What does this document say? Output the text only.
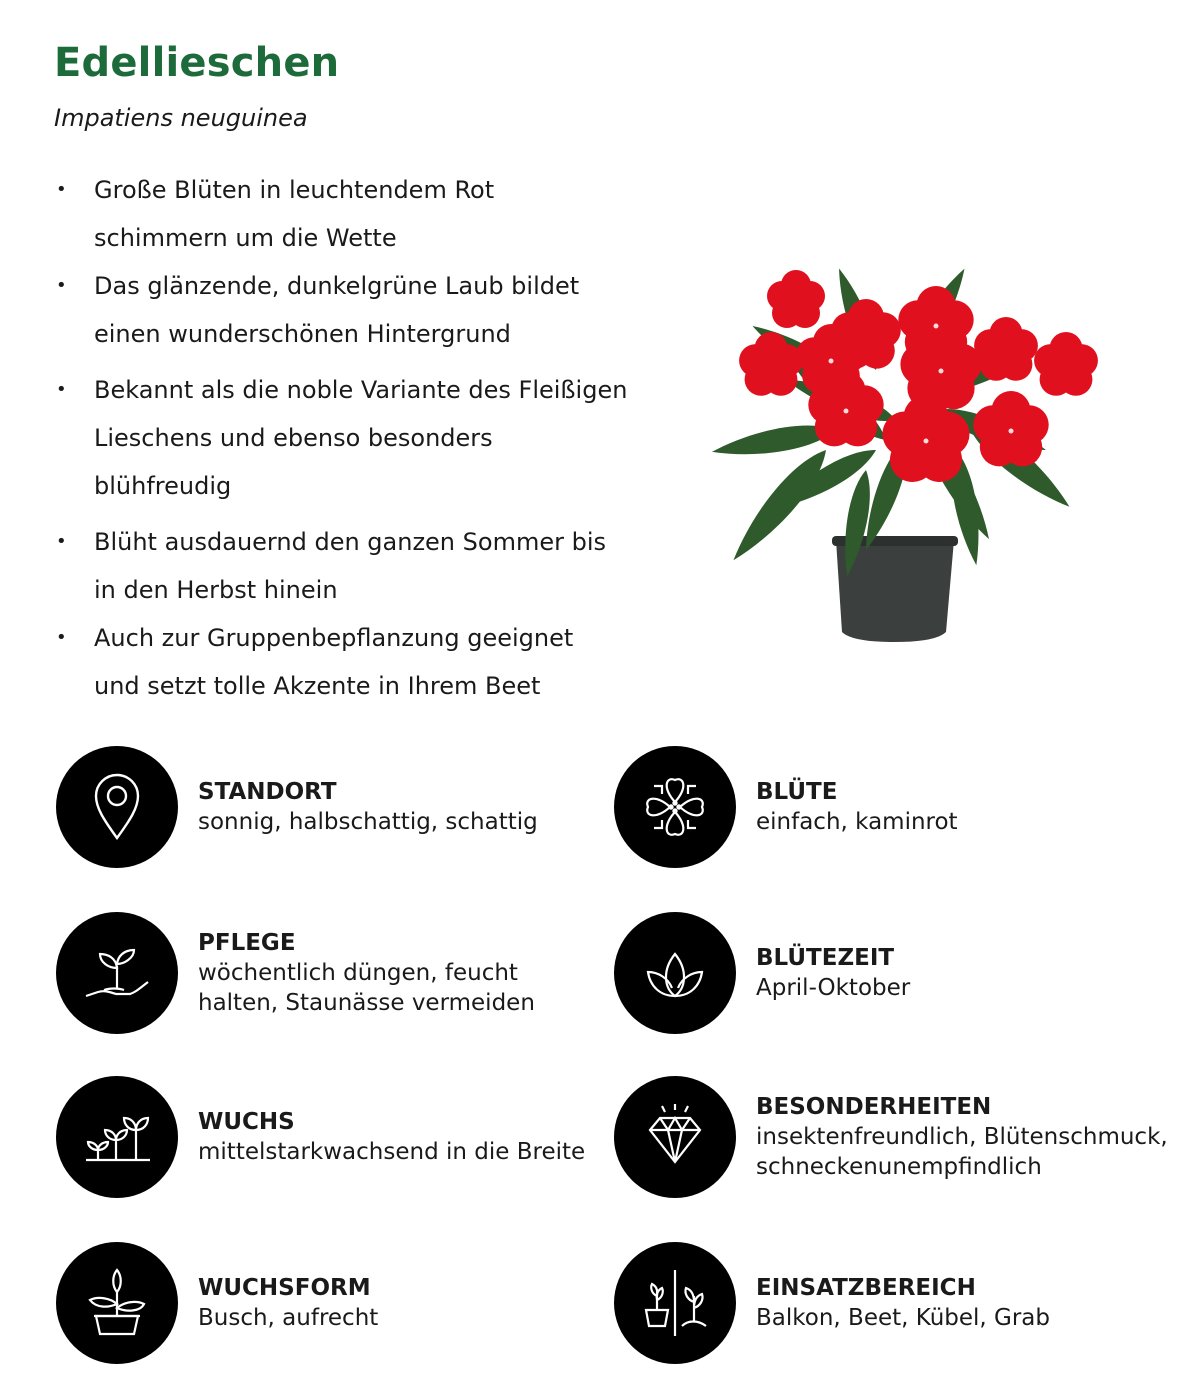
Edellieschen
Impatiens neuguinea
• Große Blüten in leuchtendem Rot
schimmern um die Wette
• Das glänzende, dunkelgrüne Laub bildet
einen wunderschönen Hintergrund
• Bekannt als die noble Variante des Fleißigen
Lieschens und ebenso besonders blühfreudig
• Blüht ausdauernd den ganzen Sommer bis
in den Herbst hinein
• Auch zur Gruppenbepflanzung geeignet
und setzt tolle Akzente in Ihrem Beet
STANDORT
sonnig, halbschattig, schattig
BLÜTE
einfach, kaminrot
PFLEGE
wöchentlich düngen, feucht
halten, Staunässe vermeiden
BLÜTEZEIT
April-Oktober
WUCHS
mittelstarkwachsend in die Breite
BESONDERHEITEN
insektenfreundlich, Blütenschmuck,
schneckenunempfindlich
WUCHSFORM
Busch, aufrecht
EINSATZBEREICH
Balkon, Beet, Kübel, Grab
